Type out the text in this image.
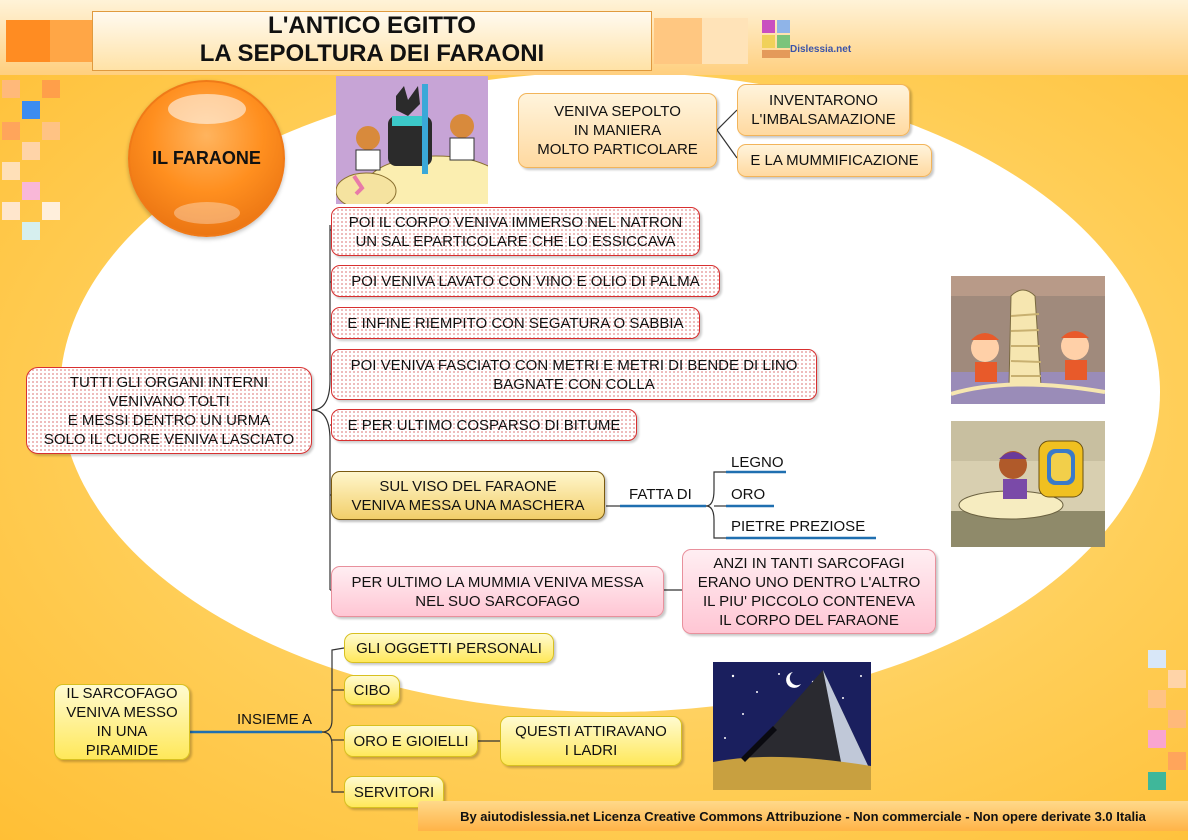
Dislessia.net
L'ANTICO EGITTO
LA SEPOLTURA DEI FARAONI
IL FARAONE
VENIVA SEPOLTO
IN MANIERA
MOLTO PARTICOLARE
INVENTARONO
L'IMBALSAMAZIONE
E LA MUMMIFICAZIONE
TUTTI GLI ORGANI INTERNI
VENIVANO TOLTI
E MESSI DENTRO UN URMA
SOLO IL CUORE VENIVA LASCIATO
POI IL CORPO VENIVA IMMERSO NEL NATRON
UN SAL EPARTICOLARE CHE LO ESSICCAVA
POI VENIVA LAVATO CON VINO E OLIO DI PALMA
E INFINE RIEMPITO CON SEGATURA O SABBIA
POI VENIVA FASCIATO CON METRI E METRI DI BENDE DI LINO
BAGNATE CON COLLA
E PER ULTIMO COSPARSO DI BITUME
SUL VISO DEL FARAONE
VENIVA MESSA UNA MASCHERA
FATTA DI
LEGNO
ORO
PIETRE PREZIOSE
PER ULTIMO LA MUMMIA VENIVA MESSA
NEL SUO SARCOFAGO
ANZI IN TANTI SARCOFAGI
ERANO UNO DENTRO L'ALTRO
IL PIU' PICCOLO CONTENEVA
IL CORPO DEL FARAONE
IL SARCOFAGO
VENIVA MESSO
IN UNA PIRAMIDE
INSIEME A
GLI OGGETTI PERSONALI
CIBO
ORO E GIOIELLI
QUESTI ATTIRAVANO
I LADRI
SERVITORI
By aiutodislessia.net Licenza Creative Commons Attribuzione - Non commerciale - Non opere derivate 3.0 Italia
